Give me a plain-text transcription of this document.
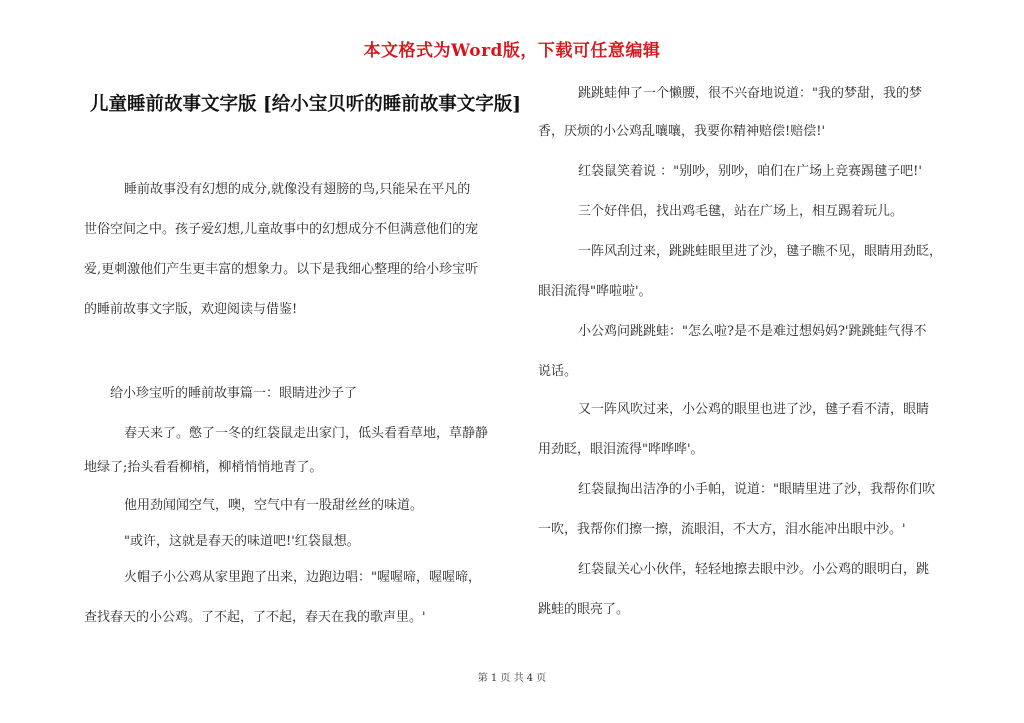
本文格式为Word版，下载可任意编辑
儿童睡前故事文字版 [给小宝贝听的睡前故事文字版]

睡前故事没有幻想的成分,就像没有翅膀的鸟,只能呆在平凡的

世俗空间之中。孩子爱幻想,儿童故事中的幻想成分不但满意他们的宠

爱,更刺激他们产生更丰富的想象力。以下是我细心整理的给小珍宝听

的睡前故事文字版，欢迎阅读与借鉴!

给小珍宝听的睡前故事篇一：眼睛进沙子了

春天来了。憋了一冬的红袋鼠走出家门，低头看看草地，草静静

地绿了;抬头看看柳梢，柳梢悄悄地青了。

他用劲闻闻空气，噢，空气中有一股甜丝丝的味道。

"或许，这就是春天的味道吧!'红袋鼠想。

火帽子小公鸡从家里跑了出来，边跑边唱："喔喔啼，喔喔啼，

查找春天的小公鸡。了不起，了不起，春天在我的歌声里。'

跳跳蛙伸了一个懒腰，很不兴奋地说道："我的梦甜，我的梦

香，厌烦的小公鸡乱嚷嚷，我要你精神赔偿!赔偿!'

红袋鼠笑着说 ："别吵，别吵，咱们在广场上竞赛踢毽子吧!'

三个好伴侣，找出鸡毛毽，站在广场上，相互踢着玩儿。

一阵风刮过来，跳跳蛙眼里进了沙，毽子瞧不见，眼睛用劲眨，

眼泪流得"哗啦啦'。

小公鸡问跳跳蛙："怎么啦?是不是难过想妈妈?'跳跳蛙气得不

说话。

又一阵风吹过来，小公鸡的眼里也进了沙，毽子看不清，眼睛

用劲眨，眼泪流得"哗哗哗'。

红袋鼠掏出洁净的小手帕，说道："眼睛里进了沙，我帮你们吹

一吹，我帮你们擦一擦，流眼泪，不大方，泪水能冲出眼中沙。'

红袋鼠关心小伙伴，轻轻地擦去眼中沙。小公鸡的眼明白，跳

跳蛙的眼亮了。

第 1 页 共 4 页
